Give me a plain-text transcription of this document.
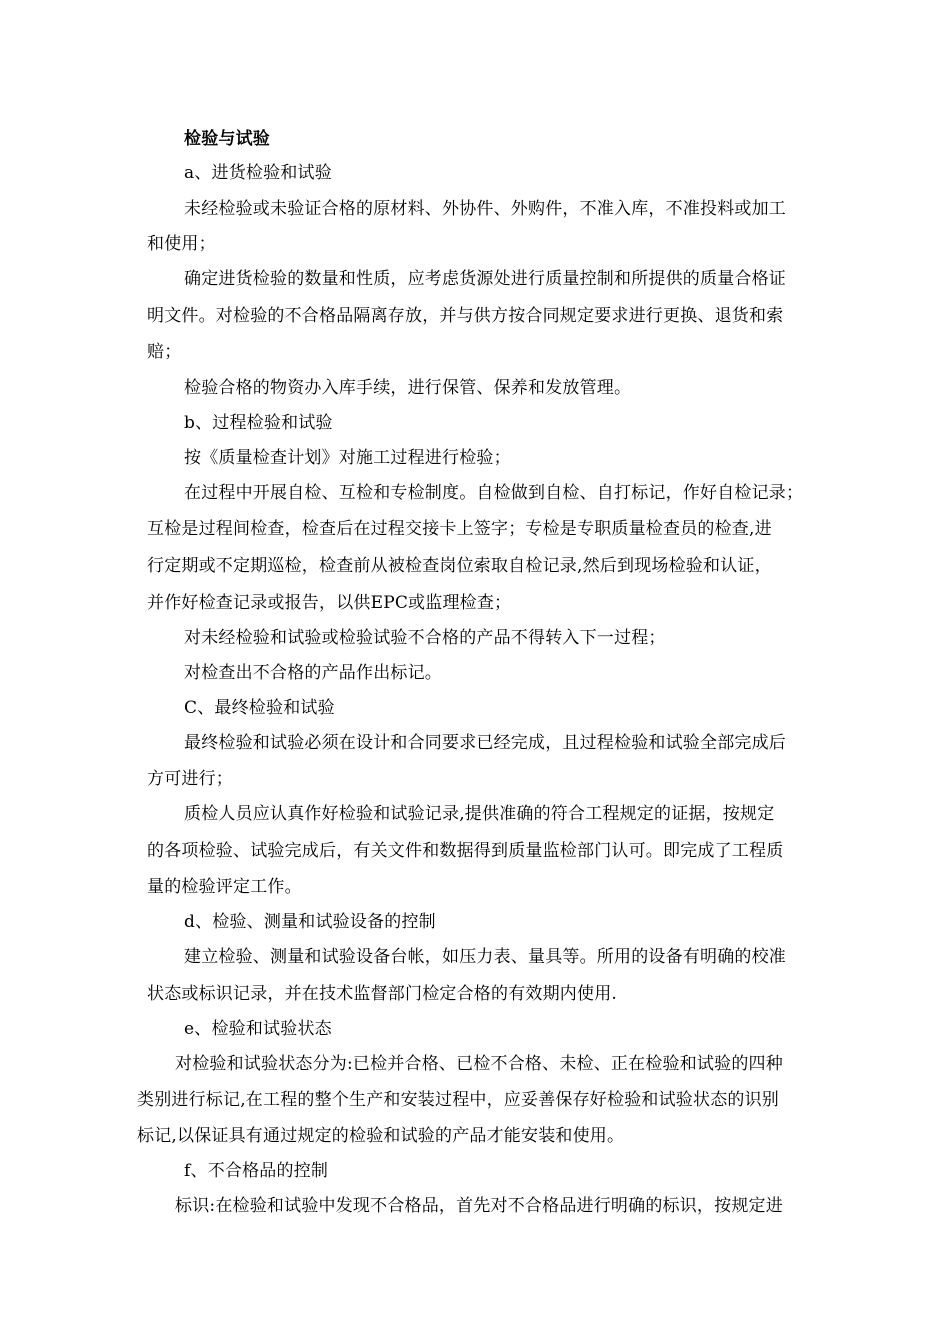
检验与试验
a、进货检验和试验
未经检验或未验证合格的原材料、外协件、外购件，不准入库，不准投料或加工
和使用；
确定进货检验的数量和性质，应考虑货源处进行质量控制和所提供的质量合格证
明文件。对检验的不合格品隔离存放，并与供方按合同规定要求进行更换、退货和索
赔；
检验合格的物资办入库手续，进行保管、保养和发放管理。
b、过程检验和试验
按《质量检查计划》对施工过程进行检验；
在过程中开展自检、互检和专检制度。自检做到自检、自打标记，作好自检记录；
互检是过程间检查，检查后在过程交接卡上签字；专检是专职质量检查员的检查,进
行定期或不定期巡检，检查前从被检查岗位索取自检记录,然后到现场检验和认证，
并作好检查记录或报告，以供EPC或监理检查；
对未经检验和试验或检验试验不合格的产品不得转入下一过程；
对检查出不合格的产品作出标记。
C、最终检验和试验
最终检验和试验必须在设计和合同要求已经完成，且过程检验和试验全部完成后
方可进行；
质检人员应认真作好检验和试验记录,提供准确的符合工程规定的证据，按规定
的各项检验、试验完成后，有关文件和数据得到质量监检部门认可。即完成了工程质
量的检验评定工作。
d、检验、测量和试验设备的控制
建立检验、测量和试验设备台帐，如压力表、量具等。所用的设备有明确的校准
状态或标识记录，并在技术监督部门检定合格的有效期内使用.
e、检验和试验状态
对检验和试验状态分为:已检并合格、已检不合格、未检、正在检验和试验的四种
类别进行标记,在工程的整个生产和安装过程中，应妥善保存好检验和试验状态的识别
标记,以保证具有通过规定的检验和试验的产品才能安装和使用。
f、不合格品的控制
标识:在检验和试验中发现不合格品，首先对不合格品进行明确的标识，按规定进
